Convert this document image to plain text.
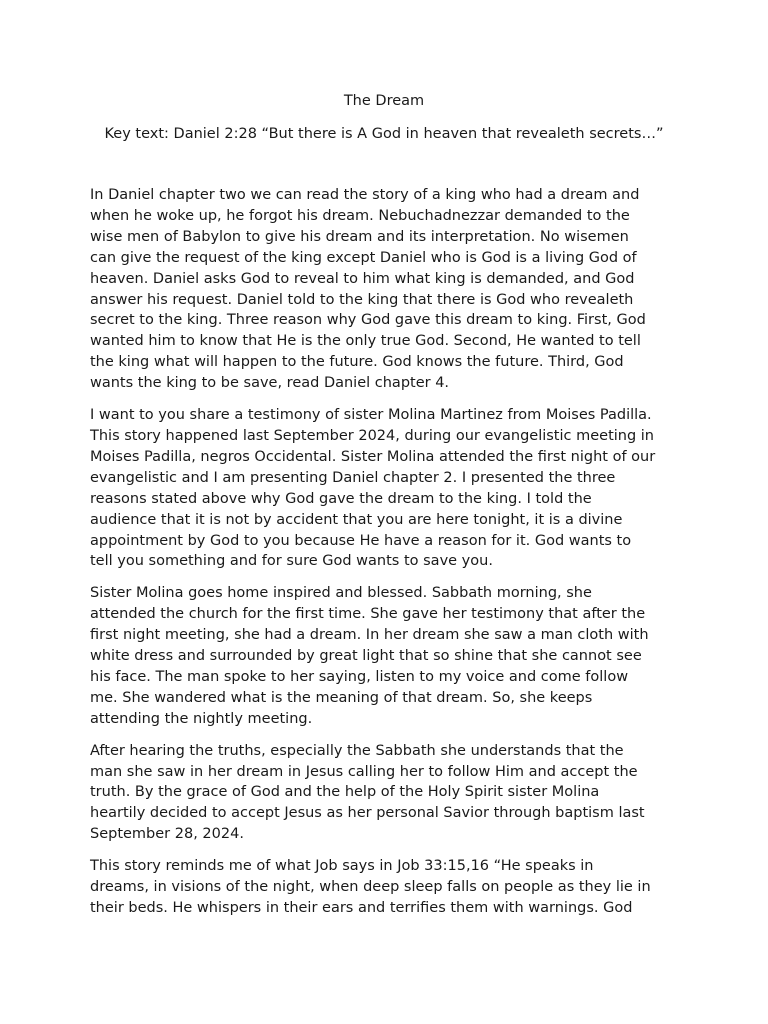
The Dream
Key text: Daniel 2:28 “But there is A God in heaven that revealeth secrets…”

In Daniel chapter two we can read the story of a king who had a dream and
when he woke up, he forgot his dream. Nebuchadnezzar demanded to the
wise men of Babylon to give his dream and its interpretation. No wisemen
can give the request of the king except Daniel who is God is a living God of
heaven. Daniel asks God to reveal to him what king is demanded, and God
answer his request. Daniel told to the king that there is God who revealeth
secret to the king. Three reason why God gave this dream to king. First, God
wanted him to know that He is the only true God. Second, He wanted to tell
the king what will happen to the future. God knows the future. Third, God
wants the king to be save, read Daniel chapter 4.

I want to you share a testimony of sister Molina Martinez from Moises Padilla.
This story happened last September 2024, during our evangelistic meeting in
Moises Padilla, negros Occidental. Sister Molina attended the first night of our
evangelistic and I am presenting Daniel chapter 2. I presented the three
reasons stated above why God gave the dream to the king. I told the
audience that it is not by accident that you are here tonight, it is a divine
appointment by God to you because He have a reason for it. God wants to
tell you something and for sure God wants to save you.

Sister Molina goes home inspired and blessed. Sabbath morning, she
attended the church for the first time. She gave her testimony that after the
first night meeting, she had a dream. In her dream she saw a man cloth with
white dress and surrounded by great light that so shine that she cannot see
his face. The man spoke to her saying, listen to my voice and come follow
me. She wandered what is the meaning of that dream. So, she keeps
attending the nightly meeting.

After hearing the truths, especially the Sabbath she understands that the
man she saw in her dream in Jesus calling her to follow Him and accept the
truth. By the grace of God and the help of the Holy Spirit sister Molina
heartily decided to accept Jesus as her personal Savior through baptism last
September 28, 2024.

This story reminds me of what Job says in Job 33:15,16 “He speaks in
dreams, in visions of the night, when deep sleep falls on people as they lie in
their beds. He whispers in their ears and terrifies them with warnings. God
